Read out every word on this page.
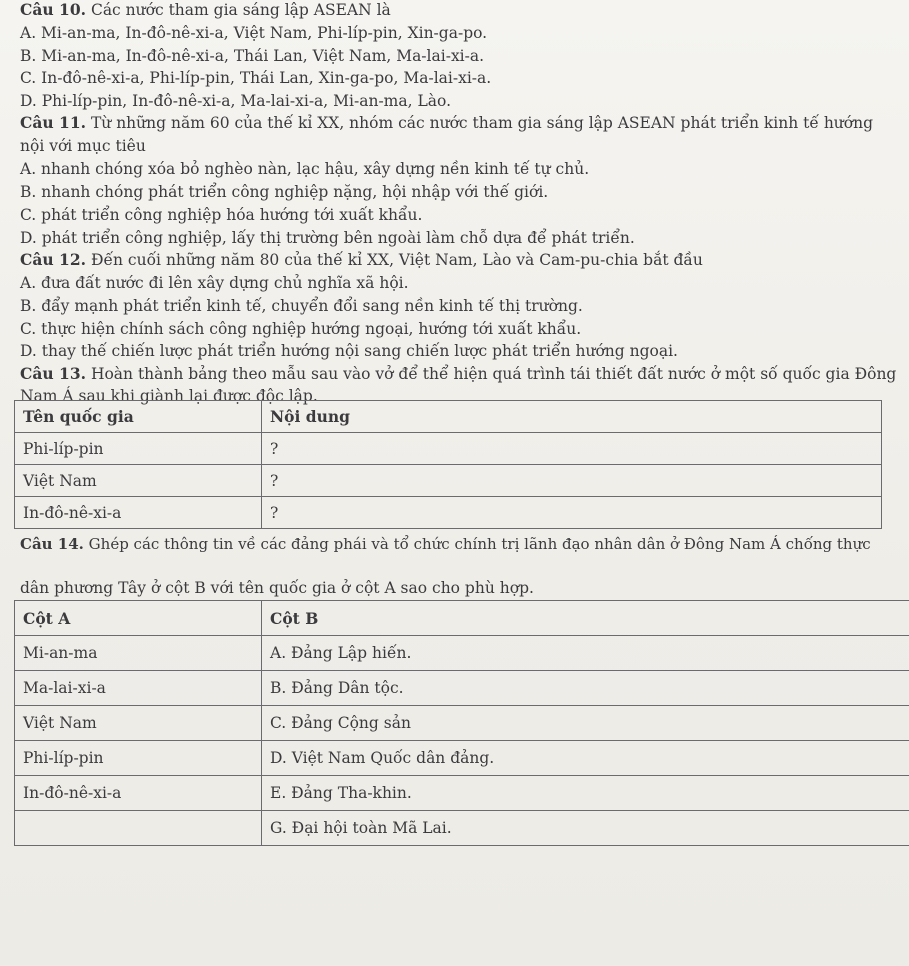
Câu 10. Các nước tham gia sáng lập ASEAN là
A. Mi-an-ma, In-đô-nê-xi-a, Việt Nam, Phi-líp-pin, Xin-ga-po.
B. Mi-an-ma, In-đô-nê-xi-a, Thái Lan, Việt Nam, Ma-lai-xi-a.
C. In-đô-nê-xi-a, Phi-líp-pin, Thái Lan, Xin-ga-po, Ma-lai-xi-a.
D. Phi-líp-pin, In-đô-nê-xi-a, Ma-lai-xi-a, Mi-an-ma, Lào.
Câu 11. Từ những năm 60 của thế kỉ XX, nhóm các nước tham gia sáng lập ASEAN phát triển kinh tế hướng
nội với mục tiêu
A. nhanh chóng xóa bỏ nghèo nàn, lạc hậu, xây dựng nền kinh tế tự chủ.
B. nhanh chóng phát triển công nghiệp nặng, hội nhập với thế giới.
C. phát triển công nghiệp hóa hướng tới xuất khẩu.
D. phát triển công nghiệp, lấy thị trường bên ngoài làm chỗ dựa để phát triển.
Câu 12. Đến cuối những năm 80 của thế kỉ XX, Việt Nam, Lào và Cam-pu-chia bắt đầu
A. đưa đất nước đi lên xây dựng chủ nghĩa xã hội.
B. đẩy mạnh phát triển kinh tế, chuyển đổi sang nền kinh tế thị trường.
C. thực hiện chính sách công nghiệp hướng ngoại, hướng tới xuất khẩu.
D. thay thế chiến lược phát triển hướng nội sang chiến lược phát triển hướng ngoại.
Câu 13. Hoàn thành bảng theo mẫu sau vào vở để thể hiện quá trình tái thiết đất nước ở một số quốc gia Đông
Nam Á sau khi giành lại được độc lập.
Tên quốc gia	Nội dung
Phi-líp-pin	?
Việt Nam	?
In-đô-nê-xi-a	?
Câu 14. Ghép các thông tin về các đảng phái và tổ chức chính trị lãnh đạo nhân dân ở Đông Nam Á chống thực
dân phương Tây ở cột B với tên quốc gia ở cột A sao cho phù hợp.
Cột A	Cột B
Mi-an-ma	A. Đảng Lập hiến.
Ma-lai-xi-a	B. Đảng Dân tộc.
Việt Nam	C. Đảng Cộng sản
Phi-líp-pin	D. Việt Nam Quốc dân đảng.
In-đô-nê-xi-a	E. Đảng Tha-khin.
	G. Đại hội toàn Mã Lai.
